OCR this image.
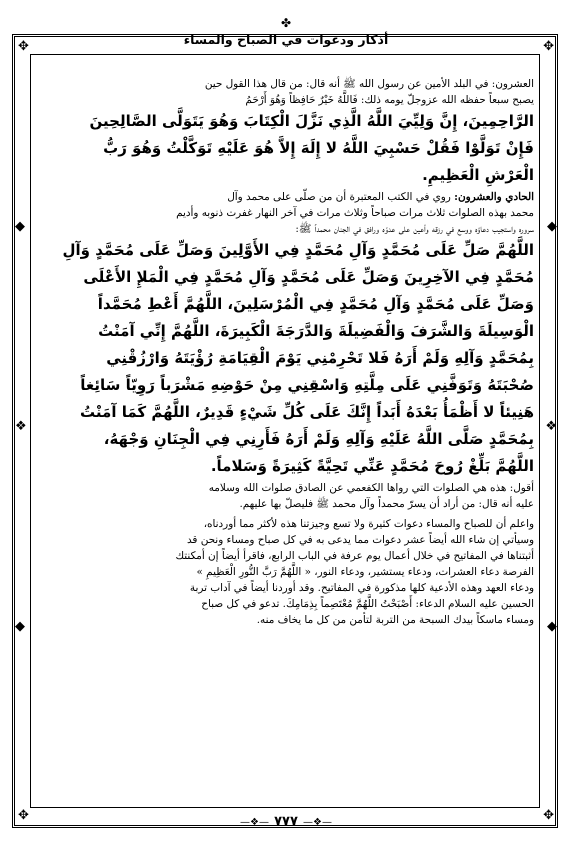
✥	✥
✥	✥
❖	❖
◆	◆
◆	◆
✤
أذكار ودعوات في الصباح والمساء

العشرون: في البلد الأمين عن رسول الله ﷺ أنه قال: من قال هذا القول حين

يصبح سبعاً حفظه الله عزوجلّ يومه ذلك: فَاللَّهُ خَيْرٌ حَافِظاً وَهُوَ أَرْحَمُ

الرَّاحِمِينَ، إِنَّ وَلِيِّيَ اللَّهُ الَّذِي نَزَّلَ الْكِتَابَ وَهُوَ يَتَوَلَّى الصَّالِحِينَ

فَإِنْ تَوَلَّوْا فَقُلْ حَسْبِيَ اللَّهُ لا إِلَهَ إِلاَّ هُوَ عَلَيْهِ تَوَكَّلْتُ وَهُوَ رَبُّ

الْعَرْشِ الْعَظِيمِ.

الحادي والعشرون: روي في الكتب المعتبرة أن من صلّى على محمد وآل

محمد بهذه الصلوات ثلاث مرات صباحاً وثلاث مرات في آخر النهار غفرت ذنوبه وأديم

سروره واستجيب دعاؤه ووسع في رزقه وأعين على عدوّه ورافق في الجنان محمداً ﷺ:

اللَّهُمَّ صَلِّ عَلَى مُحَمَّدٍ وَآلِ مُحَمَّدٍ فِي الأَوَّلِينَ وَصَلِّ عَلَى مُحَمَّدٍ وَآلِ

مُحَمَّدٍ فِي الآخِرِينَ وَصَلِّ عَلَى مُحَمَّدٍ وَآلِ مُحَمَّدٍ فِي الْمَلإِ الأَعْلَى

وَصَلِّ عَلَى مُحَمَّدٍ وَآلِ مُحَمَّدٍ فِي الْمُرْسَلِينَ، اللَّهُمَّ أَعْطِ مُحَمَّداً

الْوَسِيلَةَ وَالشَّرَفَ وَالْفَضِيلَةَ وَالدَّرَجَةَ الْكَبِيرَةَ، اللَّهُمَّ إِنِّي آمَنْتُ

بِمُحَمَّدٍ وَآلِهِ وَلَمْ أَرَهُ فَلا تَحْرِمْنِي يَوْمَ الْقِيَامَةِ رُؤْيَتَهُ وَارْزُقْنِي

صُحْبَتَهُ وَتَوَفَّنِي عَلَى مِلَّتِهِ وَاسْقِنِي مِنْ حَوْضِهِ مَشْرَباً رَوِيّاً سَائِغاً

هَنِيئاً لا أَظْمَأُ بَعْدَهُ أَبَداً إِنَّكَ عَلَى كُلِّ شَيْءٍ قَدِيرٌ، اللَّهُمَّ كَمَا آمَنْتُ

بِمُحَمَّدٍ صَلَّى اللَّهُ عَلَيْهِ وَآلِهِ وَلَمْ أَرَهُ فَأَرِنِي فِي الْجِنَانِ وَجْهَهُ،

اللَّهُمَّ بَلِّغْ رُوحَ مُحَمَّدٍ عَنِّي تَحِيَّةً كَثِيرَةً وَسَلاماً.

أقول: هذه هي الصلوات التي رواها الكفعمي عن الصادق صلوات الله وسلامه

عليه أنه قال: من أراد أن يسرّ محمداً وآل محمد ﷺ فليصلّ بها عليهم.

واعلم أن للصباح والمساء دعوات كثيرة ولا تسع وجيزتنا هذه لأكثر مما أوردناه،

وسيأتي إن شاء الله أيضاً عشر دعوات مما يدعى به في كل صباح ومساء ونحن قد

أثبتناها في المفاتيح في خلال أعمال يوم عرفة في الباب الرابع، فاقرأ أيضاً إن أمكنتك

الفرصة دعاء العشرات، ودعاء يستشير، ودعاء النور، « اللَّهُمَّ رَبَّ النُّورِ الْعَظِيمِ »

ودعاء العهد وهذه الأدعية كلها مذكورة في المفاتيح. وقد أوردنا أيضاً في آداب تربة

الحسين عليه السلام الدعاء: أَصْبَحْتُ اللَّهُمَّ مُعْتَصِماً بِذِمَامِكَ. تدعو في كل صباح

ومساء ماسكاً بيدك السبحة من التربة لتأمن من كل ما يخاف منه.

—❖— ٧٧٧ —❖—
